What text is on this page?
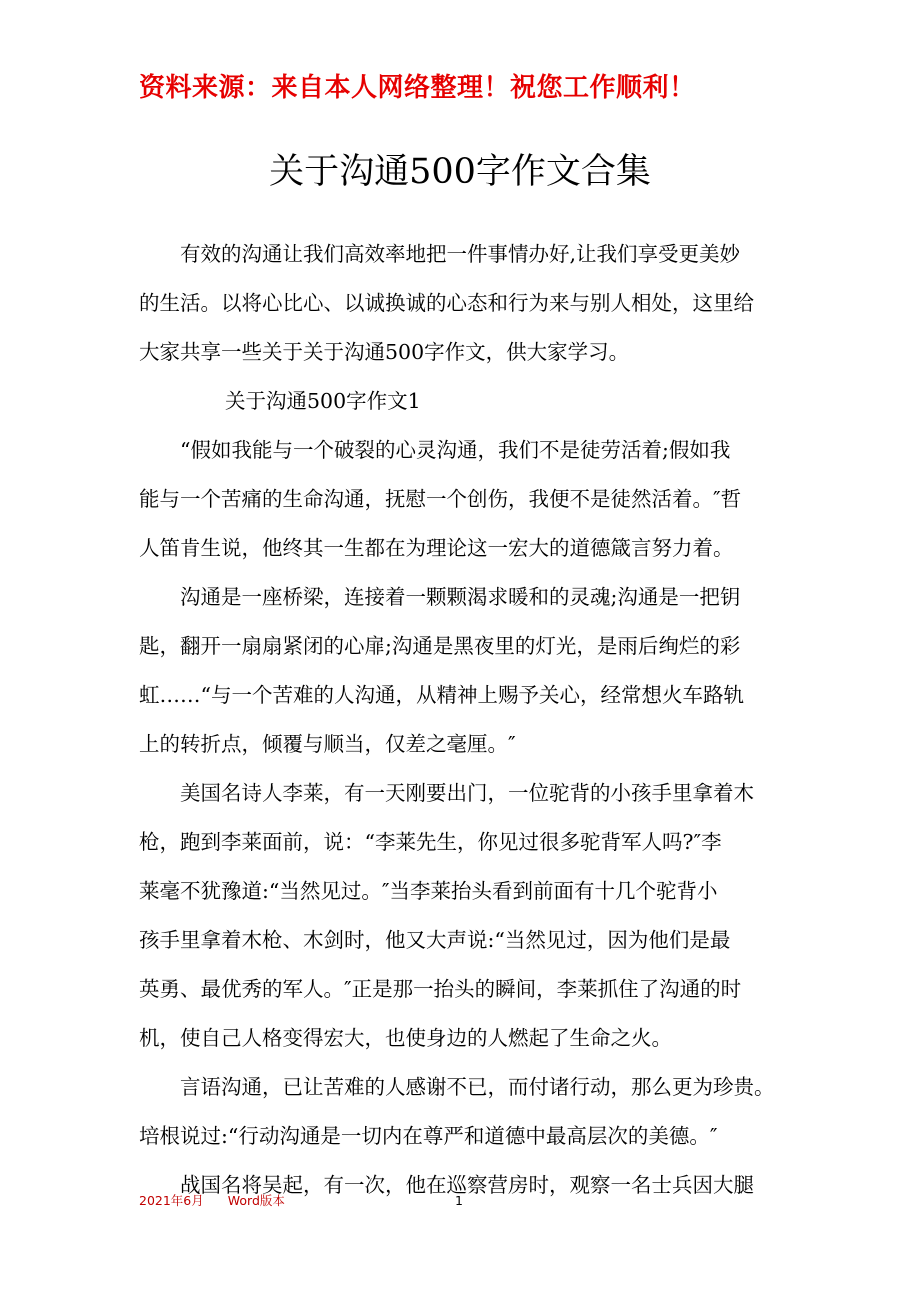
资料来源：来自本人网络整理！祝您工作顺利！
关于沟通500字作文合集

有效的沟通让我们高效率地把一件事情办好,让我们享受更美妙
的生活。以将心比心、以诚换诚的心态和行为来与别人相处，这里给
大家共享一些关于关于沟通500字作文，供大家学习。

关于沟通500字作文1

“假如我能与一个破裂的心灵沟通，我们不是徒劳活着;假如我
能与一个苦痛的生命沟通，抚慰一个创伤，我便不是徒然活着。″哲
人笛肯生说，他终其一生都在为理论这一宏大的道德箴言努力着。

沟通是一座桥梁，连接着一颗颗渴求暖和的灵魂;沟通是一把钥
匙，翻开一扇扇紧闭的心扉;沟通是黑夜里的灯光，是雨后绚烂的彩
虹……“与一个苦难的人沟通，从精神上赐予关心，经常想火车路轨
上的转折点，倾覆与顺当，仅差之毫厘。″

美国名诗人李莱，有一天刚要出门，一位驼背的小孩手里拿着木
枪，跑到李莱面前，说：“李莱先生，你见过很多驼背军人吗?″李
莱毫不犹豫道:“当然见过。″当李莱抬头看到前面有十几个驼背小
孩手里拿着木枪、木剑时，他又大声说:“当然见过，因为他们是最
英勇、最优秀的军人。″正是那一抬头的瞬间，李莱抓住了沟通的时
机，使自己人格变得宏大，也使身边的人燃起了生命之火。

言语沟通，已让苦难的人感谢不已，而付诸行动，那么更为珍贵。
培根说过:“行动沟通是一切内在尊严和道德中最高层次的美德。″

战国名将吴起，有一次，他在巡察营房时，观察一名士兵因大腿

2021年6月 Word版本	1
